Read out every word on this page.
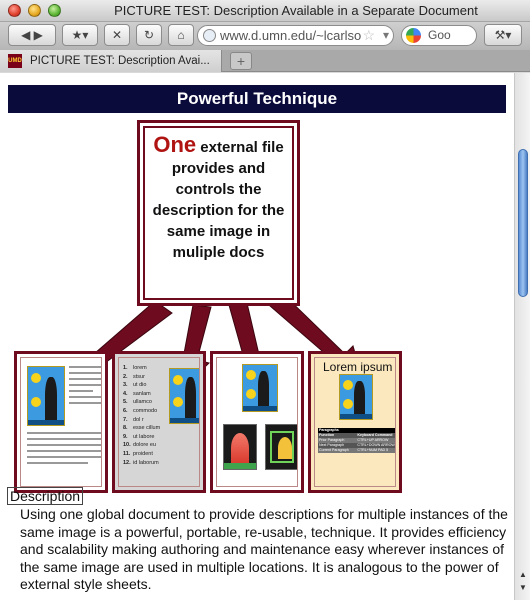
PICTURE TEST: Description Available in a Separate Document
◀ ▶	★▾	✕	↻	⌂	www.d.umn.edu/~lcarlso ☆ ▾	Goo	⚒▾
UMD PICTURE TEST: Description Avai...	+
Powerful Technique
One external file provides and controls the description for the same image in muliple docs
1. lorem
2. stsur
3. ut dio
4. sanlam
5. ullamco
6. commodo
7. dol r
8. esse cillum
9. ut labore
10. dolore eu
11. proident
12. id laborum
Lorem ipsum
Paragraphs
Function	Keyboard Command
Prior Paragraph	CTRL+UP ARROW
Next Paragraph	CTRL+DOWN ARROW
Current Paragraph	CTRL+NUM PAD 5
Description
Using one global document to provide descriptions for multiple instances of the same image is a powerful, portable, re-usable, technique. It provides efficiency and scalability making authoring and maintenance easy wherever instances of the same image are used in multiple locations. It is analogous to the power of external style sheets.
▲
▼
